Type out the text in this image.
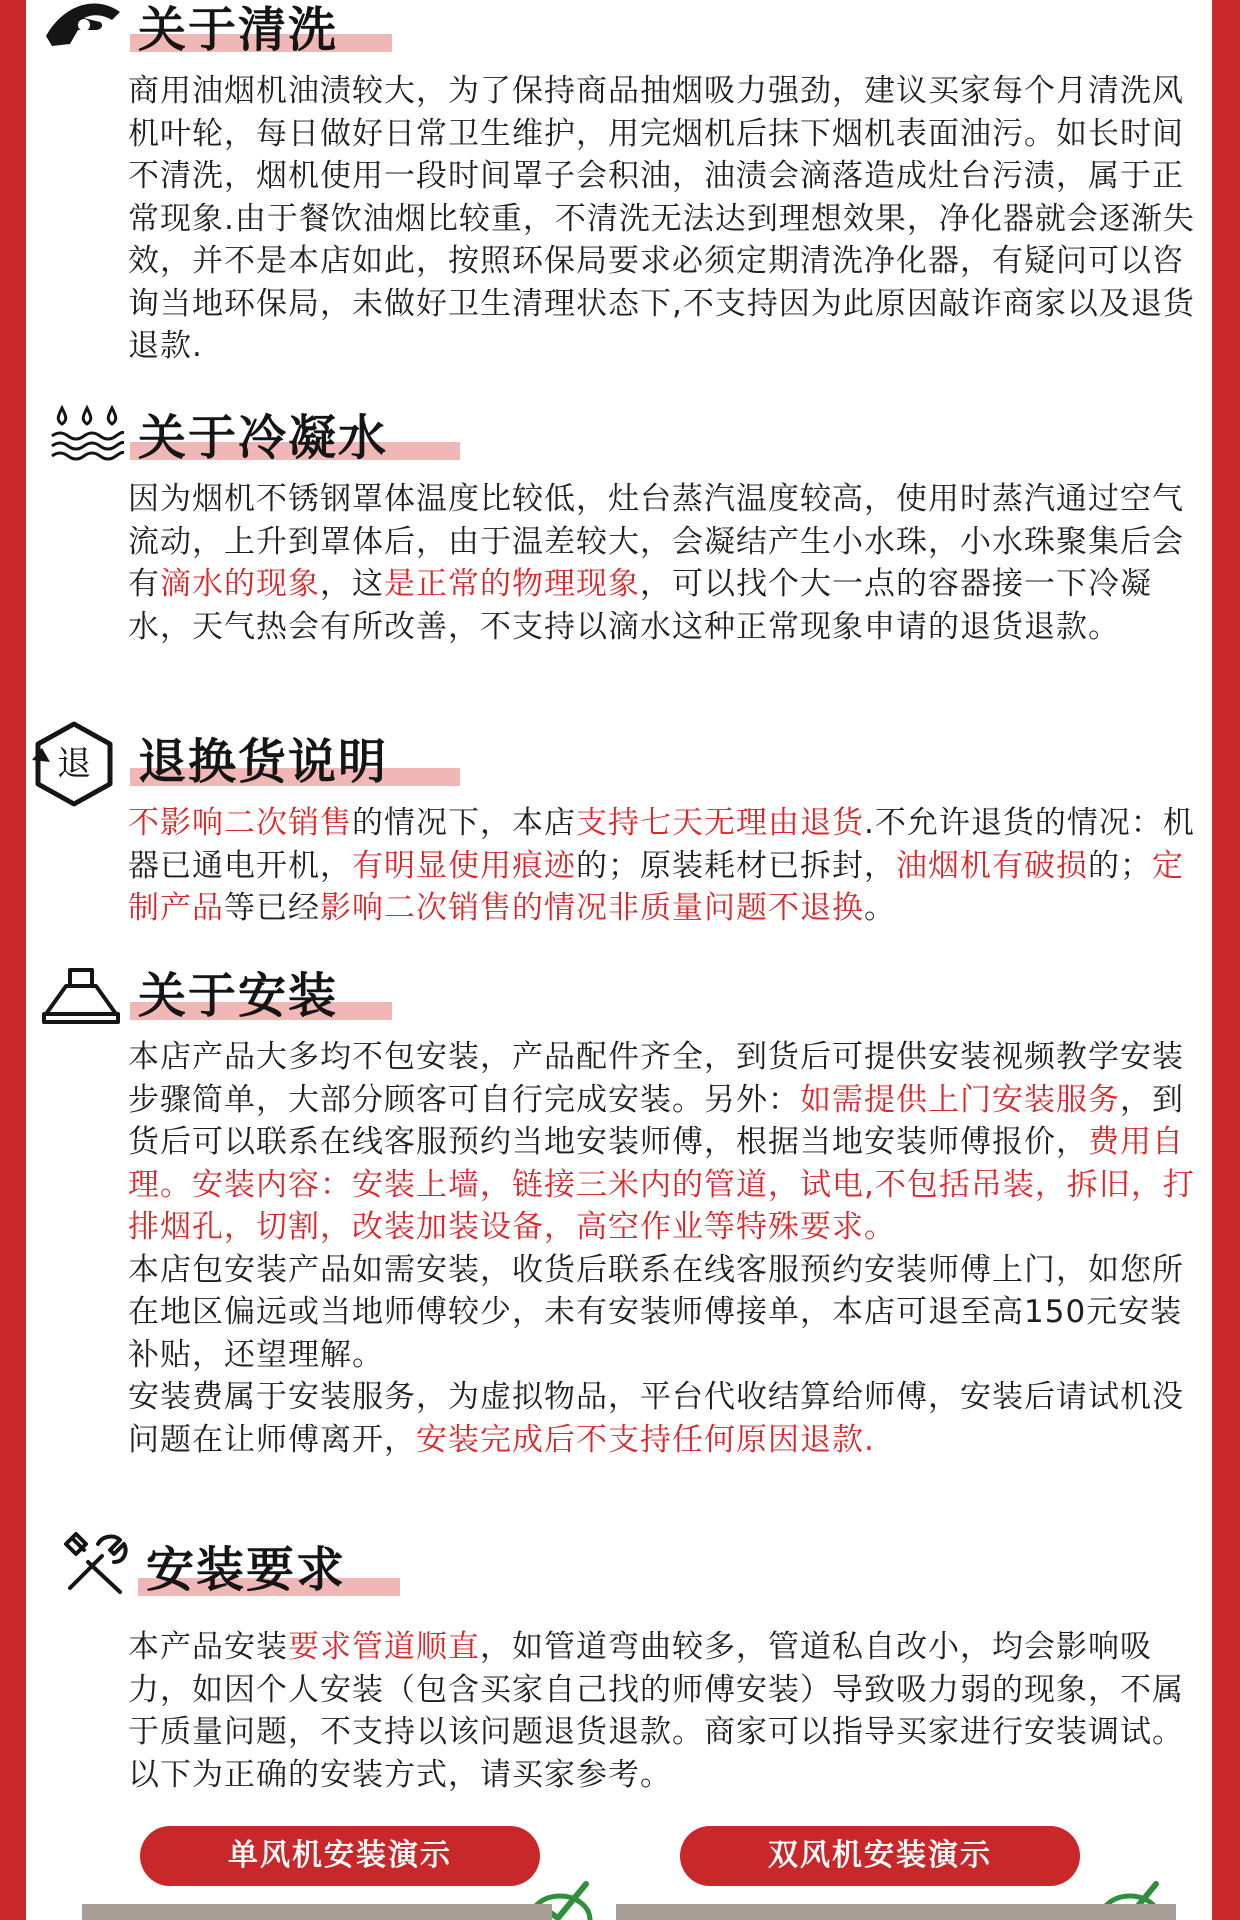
关于清洗

商用油烟机油渍较大，为了保持商品抽烟吸力强劲，建议买家每个月清洗风机叶轮，每日做好日常卫生维护，用完烟机后抹下烟机表面油污。如长时间不清洗，烟机使用一段时间罩子会积油，油渍会滴落造成灶台污渍，属于正常现象.由于餐饮油烟比较重，不清洗无法达到理想效果，净化器就会逐渐失效，并不是本店如此，按照环保局要求必须定期清洗净化器，有疑问可以咨询当地环保局，未做好卫生清理状态下,不支持因为此原因敲诈商家以及退货退款.

关于冷凝水

因为烟机不锈钢罩体温度比较低，灶台蒸汽温度较高，使用时蒸汽通过空气流动，上升到罩体后，由于温差较大，会凝结产生小水珠，小水珠聚集后会有滴水的现象，这是正常的物理现象，可以找个大一点的容器接一下冷凝水，天气热会有所改善，不支持以滴水这种正常现象申请的退货退款。

退 退换货说明

不影响二次销售的情况下，本店支持七天无理由退货.不允许退货的情况：机器已通电开机，有明显使用痕迹的；原装耗材已拆封，油烟机有破损的；定制产品等已经影响二次销售的情况非质量问题不退换。

关于安装

本店产品大多均不包安装，产品配件齐全，到货后可提供安装视频教学安装步骤简单，大部分顾客可自行完成安装。另外：如需提供上门安装服务，到货后可以联系在线客服预约当地安装师傅，根据当地安装师傅报价，费用自理。安装内容：安装上墙，链接三米内的管道，试电,不包括吊装，拆旧，打排烟孔，切割，改装加装设备，高空作业等特殊要求。

本店包安装产品如需安装，收货后联系在线客服预约安装师傅上门，如您所在地区偏远或当地师傅较少，未有安装师傅接单，本店可退至高150元安装补贴，还望理解。

安装费属于安装服务，为虚拟物品，平台代收结算给师傅，安装后请试机没问题在让师傅离开，安装完成后不支持任何原因退款.

安装要求

本产品安装要求管道顺直，如管道弯曲较多，管道私自改小，均会影响吸力，如因个人安装（包含买家自己找的师傅安装）导致吸力弱的现象，不属于质量问题，不支持以该问题退货退款。商家可以指导买家进行安装调试。以下为正确的安装方式，请买家参考。

单风机安装演示	双风机安装演示
